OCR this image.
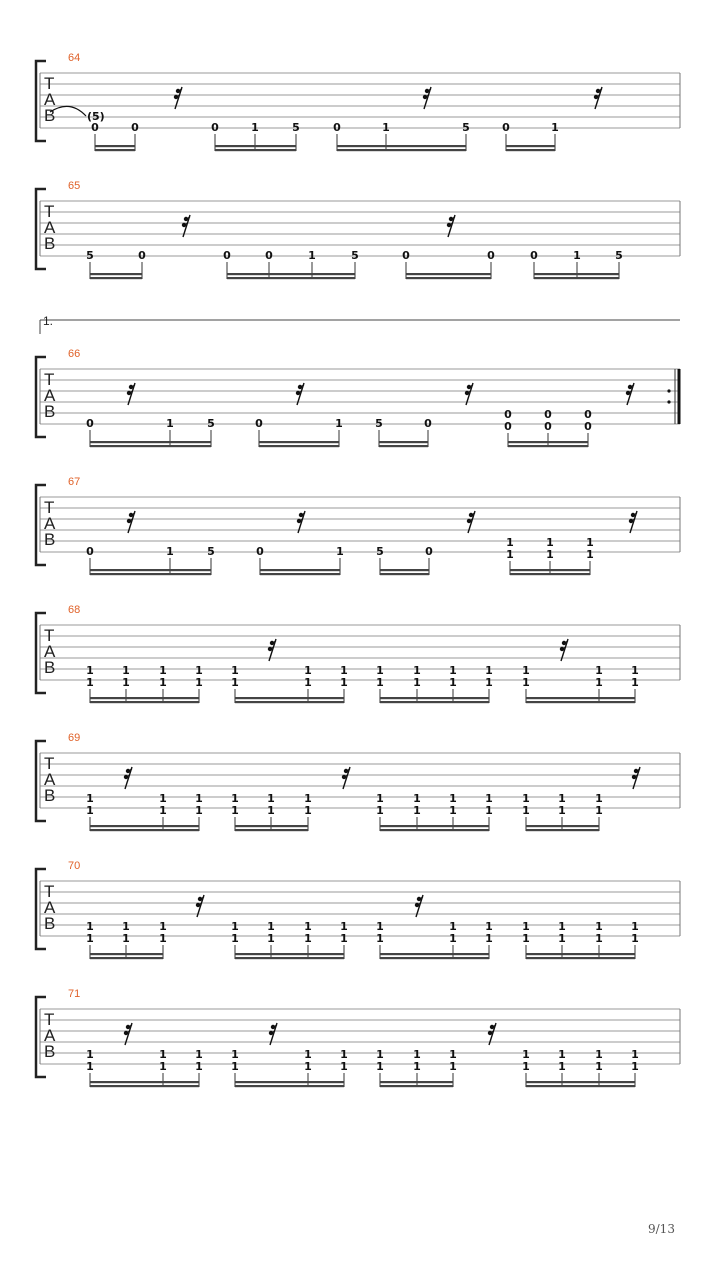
1.
64
T
A
B	(5)
0	0	0	1	5	0	1	5	0	1
65
T
A
B
5	0	0	0	1	5	0	0	0	1	5
66
T
A
B
0	1	5	0	1	5	0
0
0
0
0
0
0
67
T
A
B
0	1	5	0	1	5	0
1
1
1
1
1
1
68
T
A
B	1
1
1
1
1
1
1
1
1
1
1
1
1
1
1
1
1
1
1
1
1
1
1
1
1
1
1
1
69
T
A
B	1
1
1
1
1
1
1
1
1
1
1
1
1
1
1
1
1
1
1
1
1
1
1
1
1
1
70
T
A
B	1
1
1
1
1
1
1
1
1
1
1
1
1
1
1
1
1
1
1
1
1
1
1
1
1
1
1
1
71
T
A
B	1
1
1
1
1
1
1
1
1
1
1
1
1
1
1
1
1
1
1
1
1
1
1
1
1
1
9/13
